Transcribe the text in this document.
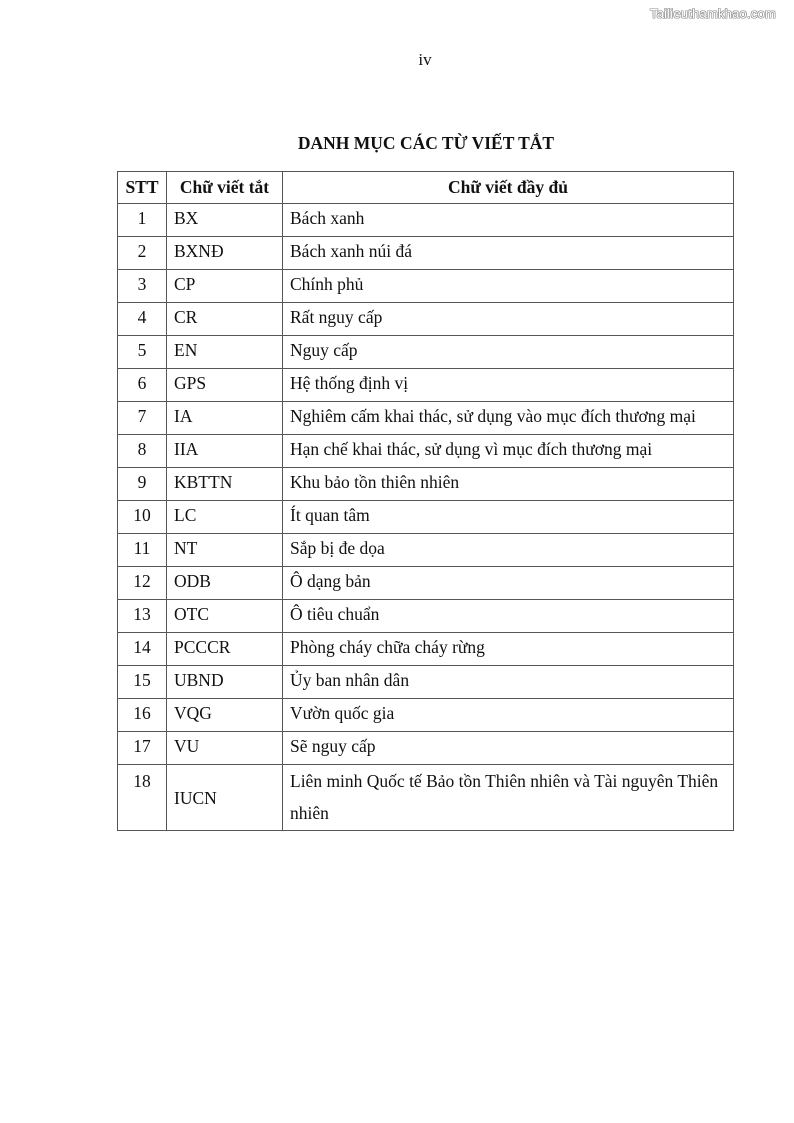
Tailieuthamkhao.com
iv
DANH MỤC CÁC TỪ VIẾT TẮT
STT	Chữ viết tắt	Chữ viết đầy đủ
1	BX	Bách xanh
2	BXNĐ	Bách xanh núi đá
3	CP	Chính phủ
4	CR	Rất nguy cấp
5	EN	Nguy cấp
6	GPS	Hệ thống định vị
7	IA	Nghiêm cấm khai thác, sử dụng vào mục đích thương mại
8	IIA	Hạn chế khai thác, sử dụng vì mục đích thương mại
9	KBTTN	Khu bảo tồn thiên nhiên
10	LC	Ít quan tâm
11	NT	Sắp bị đe dọa
12	ODB	Ô dạng bản
13	OTC	Ô tiêu chuẩn
14	PCCCR	Phòng cháy chữa cháy rừng
15	UBND	Ủy ban nhân dân
16	VQG	Vườn quốc gia
17	VU	Sẽ nguy cấp
18	IUCN	Liên minh Quốc tế Bảo tồn Thiên nhiên và Tài nguyên Thiên nhiên
